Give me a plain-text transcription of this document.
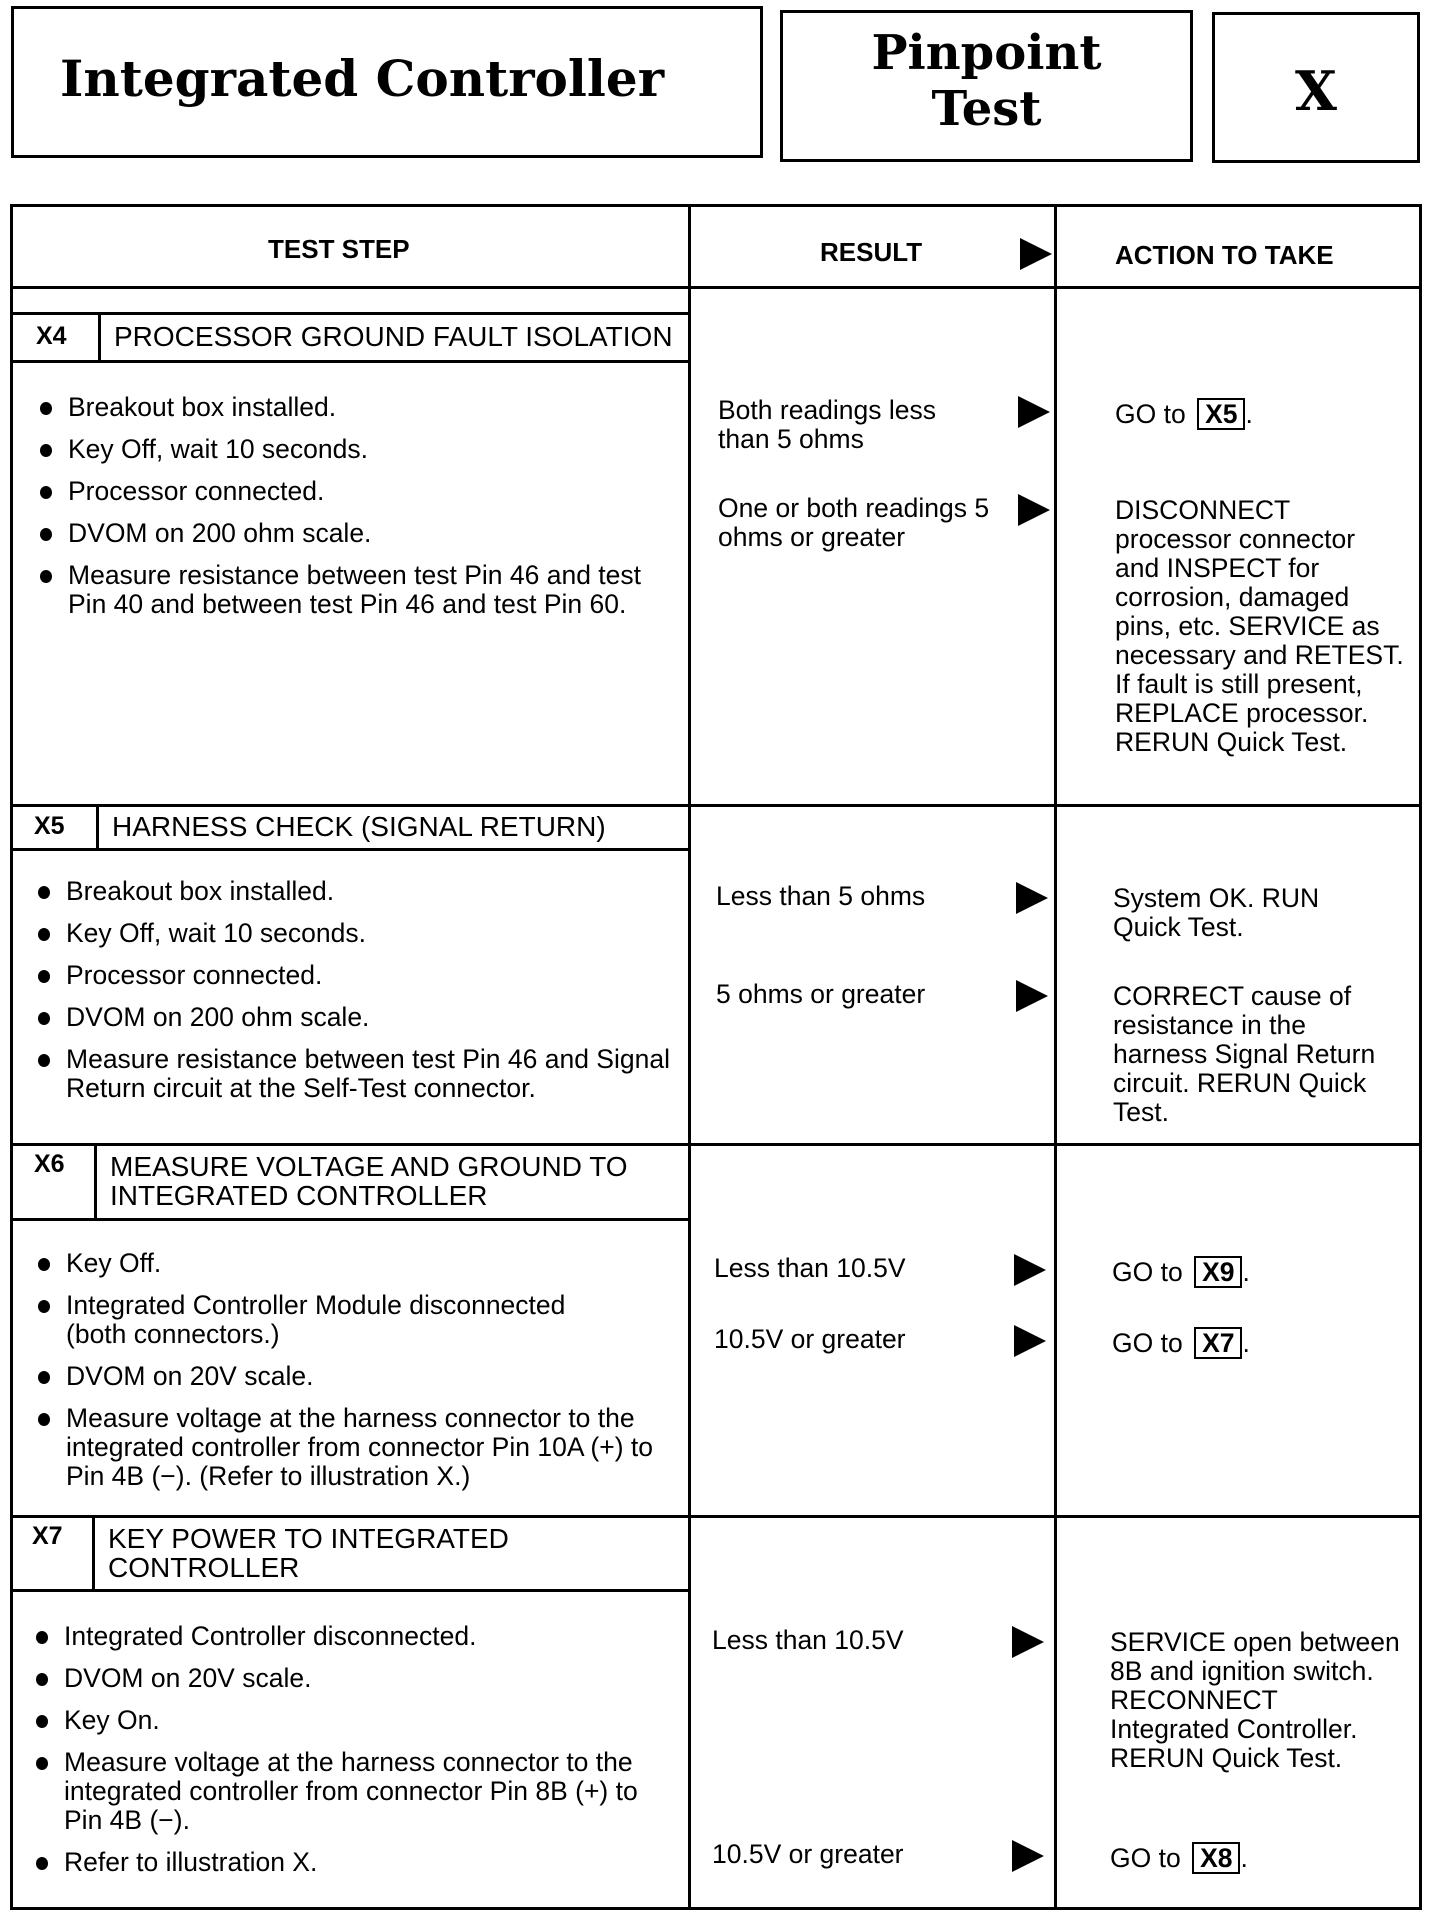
Integrated Controller	Pinpoint
Test	X
TEST STEP	RESULT	ACTION TO TAKE
X4 PROCESSOR GROUND FAULT ISOLATION
Breakout box installed.
Key Off, wait 10 seconds.
Processor connected.
DVOM on 200 ohm scale.
Measure resistance between test Pin 46 and test Pin 40 and between test Pin 46 and test Pin 60.
Both readings less than 5 ohms
GO to X5 .
One or both readings 5 ohms or greater
DISCONNECT processor connector and INSPECT for corrosion, damaged pins, etc. SERVICE as necessary and RETEST. If fault is still present, REPLACE processor. RERUN Quick Test.
X5 HARNESS CHECK (SIGNAL RETURN)
Breakout box installed.
Key Off, wait 10 seconds.
Processor connected.
DVOM on 200 ohm scale.
Measure resistance between test Pin 46 and Signal Return circuit at the Self-Test connector.
Less than 5 ohms	System OK. RUN Quick Test.
5 ohms or greater	CORRECT cause of resistance in the harness Signal Return circuit. RERUN Quick Test.
X6 MEASURE VOLTAGE AND GROUND TO INTEGRATED CONTROLLER
Key Off.
Integrated Controller Module disconnected (both connectors.)
DVOM on 20V scale.
Measure voltage at the harness connector to the integrated controller from connector Pin 10A (+) to Pin 4B (−). (Refer to illustration X.)
Less than 10.5V	GO to X9 .
10.5V or greater	GO to X7 .
X7 KEY POWER TO INTEGRATED CONTROLLER
Integrated Controller disconnected.
DVOM on 20V scale.
Key On.
Measure voltage at the harness connector to the integrated controller from connector Pin 8B (+) to Pin 4B (−).
Refer to illustration X.
Less than 10.5V	SERVICE open between 8B and ignition switch. RECONNECT Integrated Controller. RERUN Quick Test.
10.5V or greater	GO to X8 .
